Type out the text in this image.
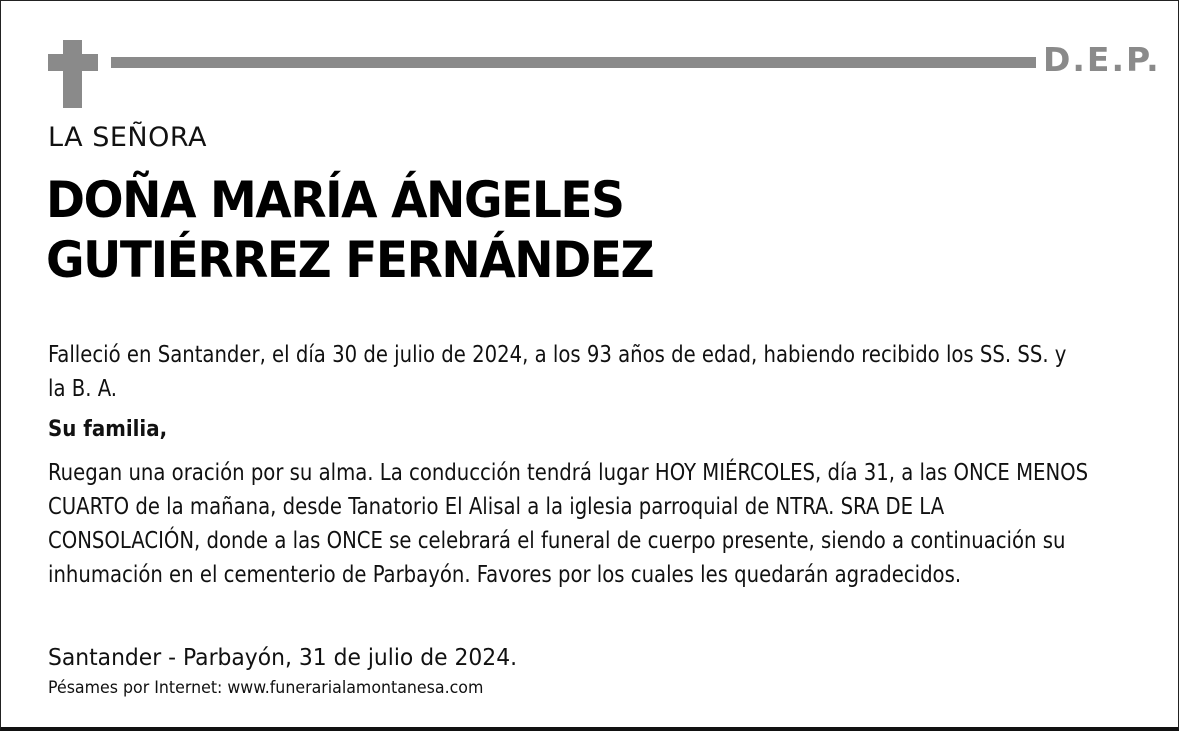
D.E.P.
LA SEÑORA
DOÑA MARÍA ÁNGELES
GUTIÉRREZ FERNÁNDEZ
Falleció en Santander, el día 30 de julio de 2024, a los 93 años de edad, habiendo recibido los SS. SS. y la B. A.
Su familia,
Ruegan una oración por su alma. La conducción tendrá lugar HOY MIÉRCOLES, día 31, a las ONCE MENOS CUARTO de la mañana, desde Tanatorio El Alisal a la iglesia parroquial de NTRA. SRA DE LA CONSOLACIÓN, donde a las ONCE se celebrará el funeral de cuerpo presente, siendo a continuación su inhumación en el cementerio de Parbayón. Favores por los cuales les quedarán agradecidos.
Santander - Parbayón, 31 de julio de 2024.
Pésames por Internet: www.funerarialamontanesa.com
